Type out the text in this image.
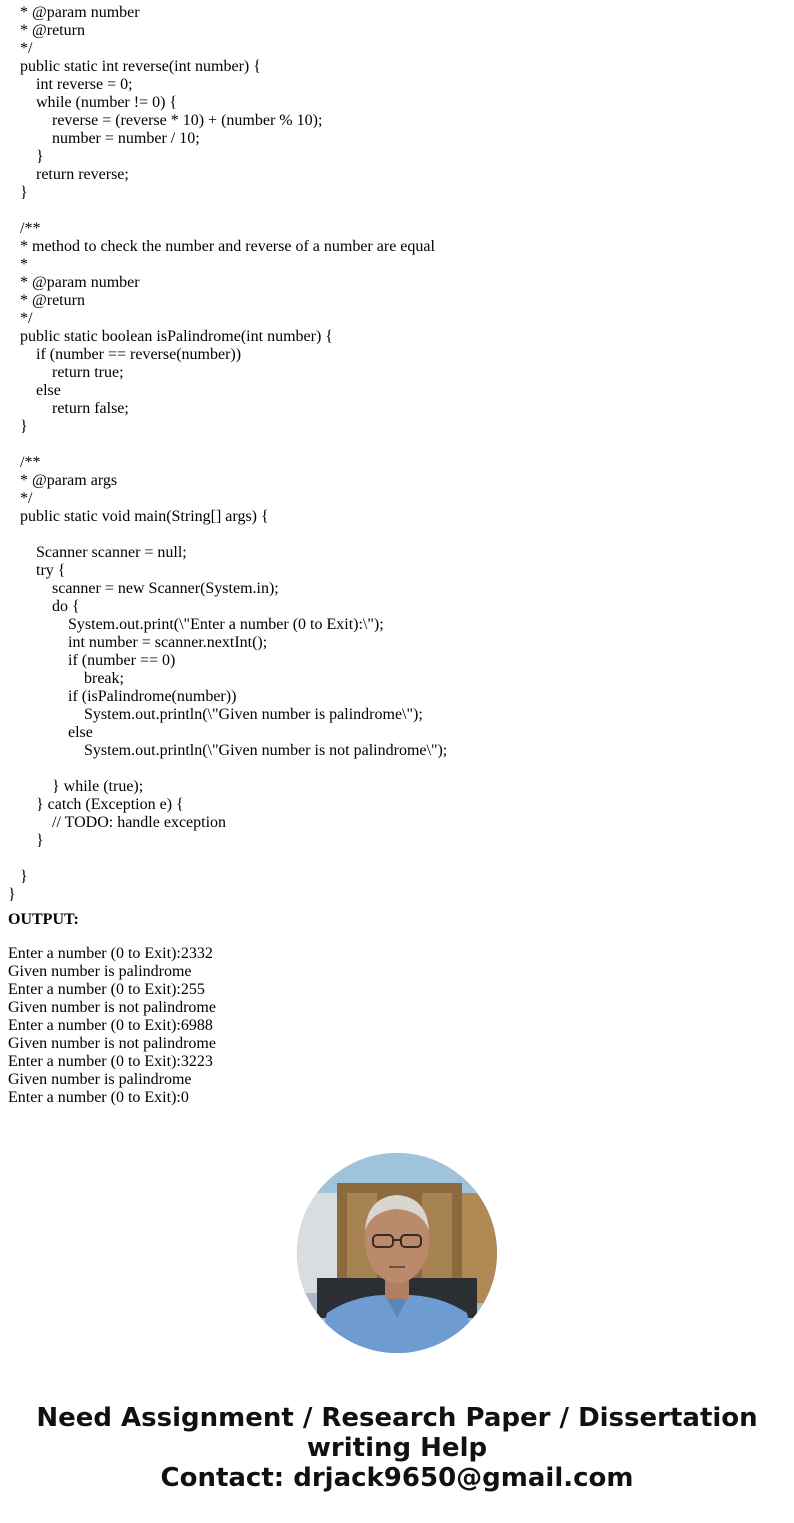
* @param number
* @return
*/
public static int reverse(int number) {
int reverse = 0;
while (number != 0) {
reverse = (reverse * 10) + (number % 10);
number = number / 10;
}
return reverse;
}
/**
* method to check the number and reverse of a number are equal
*
* @param number
* @return
*/
public static boolean isPalindrome(int number) {
if (number == reverse(number))
return true;
else
return false;
}
/**
* @param args
*/
public static void main(String[] args) {
Scanner scanner = null;
try {
scanner = new Scanner(System.in);
do {
System.out.print(\"Enter a number (0 to Exit):\");
int number = scanner.nextInt();
if (number == 0)
break;
if (isPalindrome(number))
System.out.println(\"Given number is palindrome\");
else
System.out.println(\"Given number is not palindrome\");
} while (true);
} catch (Exception e) {
// TODO: handle exception
}
}
}
OUTPUT:
Enter a number (0 to Exit):2332
Given number is palindrome
Enter a number (0 to Exit):255
Given number is not palindrome
Enter a number (0 to Exit):6988
Given number is not palindrome
Enter a number (0 to Exit):3223
Given number is palindrome
Enter a number (0 to Exit):0
Need Assignment / Research Paper / Dissertation
writing Help
Contact: drjack9650@gmail.com
